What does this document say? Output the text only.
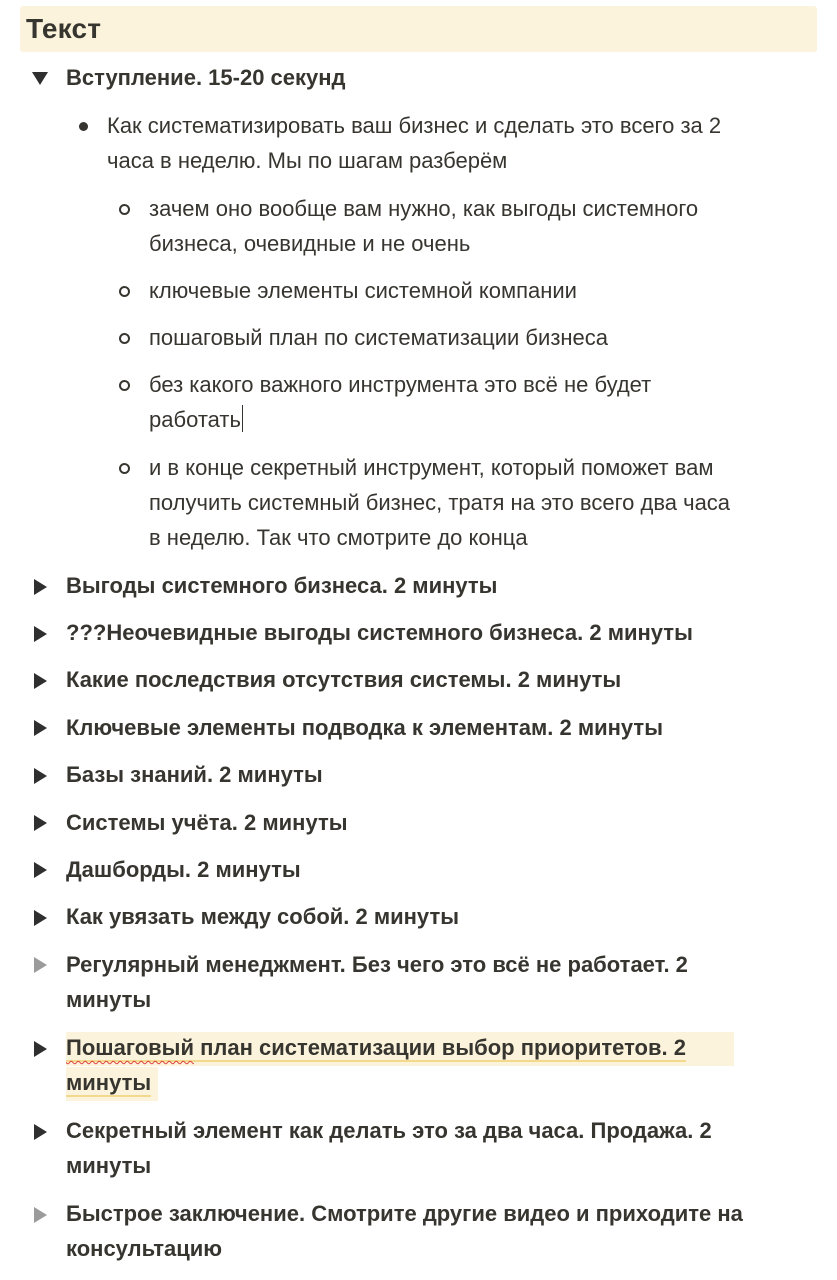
Текст
Вступление. 15-20 секунд
Как систематизировать ваш бизнес и сделать это всего за 2
часа в неделю. Мы по шагам разберём
зачем оно вообще вам нужно, как выгоды системного
бизнеса, очевидные и не очень
ключевые элементы системной компании
пошаговый план по систематизации бизнеса
без какого важного инструмента это всё не будет
работать
и в конце секретный инструмент, который поможет вам
получить системный бизнес, тратя на это всего два часа
в неделю. Так что смотрите до конца
Выгоды системного бизнеса. 2 минуты
???Неочевидные выгоды системного бизнеса. 2 минуты
Какие последствия отсутствия системы. 2 минуты
Ключевые элементы подводка к элементам. 2 минуты
Базы знаний. 2 минуты
Системы учёта. 2 минуты
Дашборды. 2 минуты
Как увязать между собой. 2 минуты
Регулярный менеджмент. Без чего это всё не работает. 2
минуты
Пошаговый план систематизации выбор приоритетов. 2
минуты
Секретный элемент как делать это за два часа. Продажа. 2
минуты
Быстрое заключение. Смотрите другие видео и приходите на
консультацию
